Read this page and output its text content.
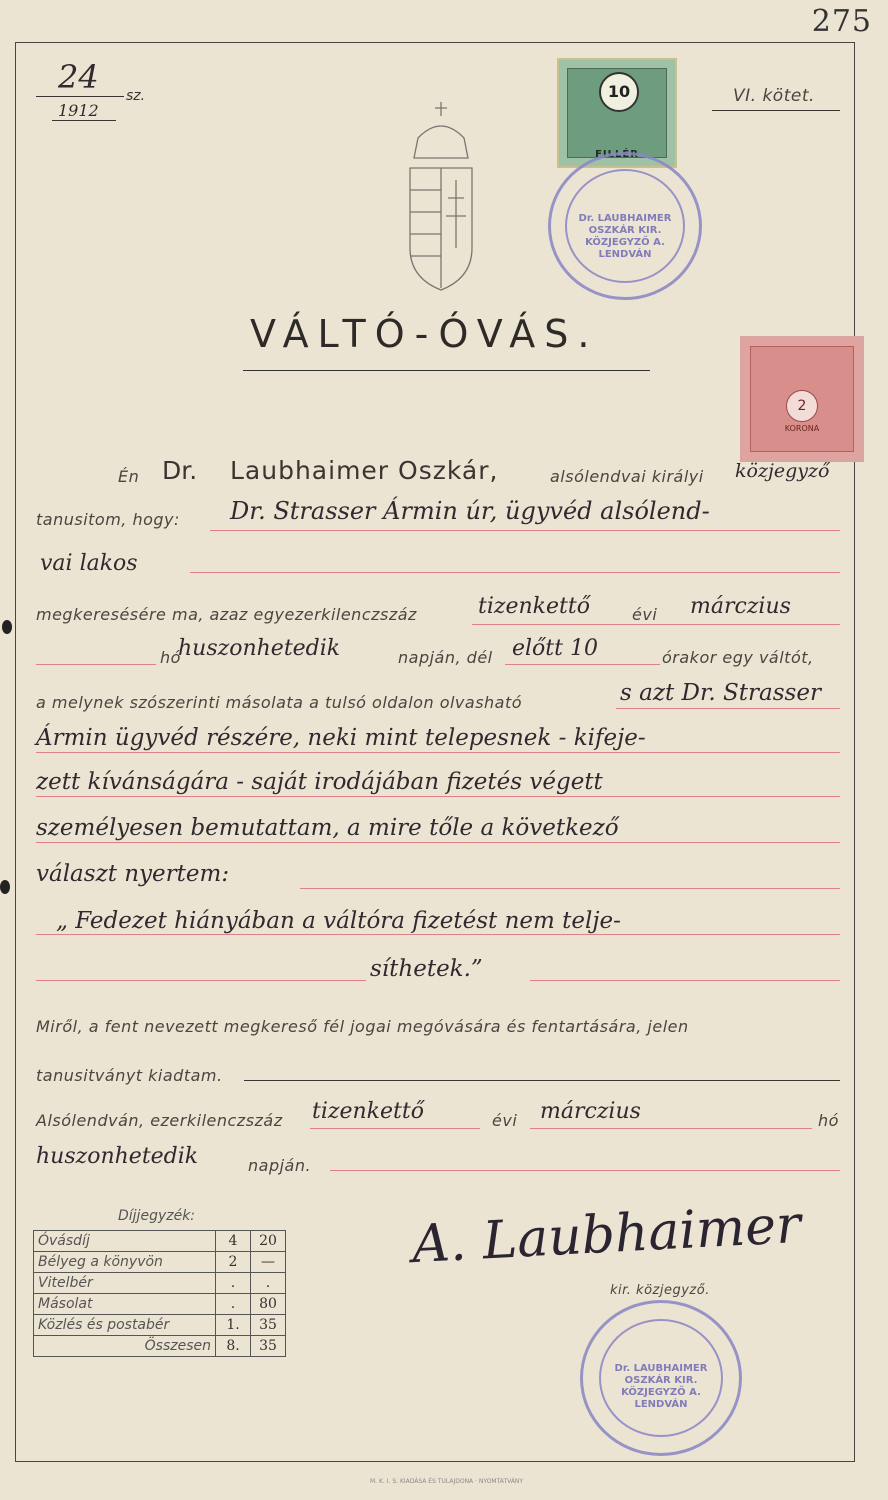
275
24 sz.
1912
VI. kötet.
10
FILLÉR
Dr. LAUBHAIMER OSZKÁR KIR. KÖZJEGYZŐ A. LENDVÁN
2
KORONA
VÁLTÓ-ÓVÁS.
Én Dr. Laubhaimer Oszkár,	alsólendvai királyi közjegyző
tanusitom, hogy: Dr. Strasser Ármin úr, ügyvéd alsólend-
vai lakos
megkeresésére ma, azaz egyezerkilenczszáz	tizenkettő	évi márczius
hó
huszonhetedik	napján, dél előtt 10	órakor egy váltót,
a melynek szószerinti másolata a tulsó oldalon olvasható	s azt Dr. Strasser
Ármin ügyvéd részére, neki mint telepesnek - kifeje-
zett kívánságára - saját irodájában fizetés végett
személyesen bemutattam, a mire tőle a következő
választ nyertem:
„ Fedezet hiányában a váltóra fizetést nem telje-
síthetek.”
Miről, a fent nevezett megkereső fél jogai megóvására és fentartására, jelen
tanusitványt kiadtam.
Alsólendván, ezerkilenczszáz tizenkettő	évi márczius	hó
huszonhetedik	napján.
A. Laubhaimer
kir. közjegyző.
Dr. LAUBHAIMER OSZKÁR KIR. KÖZJEGYZŐ A. LENDVÁN
Díjjegyzék:
Óvásdíj	4	20
Bélyeg a könyvön	2	—
Vitelbér	.	.
Másolat	.	80
Közlés és postabér	1.	35
Összesen	8.	35
M. K. I. S. KIADÁSA ÉS TULAJDONA · NYOMTATVÁNY
